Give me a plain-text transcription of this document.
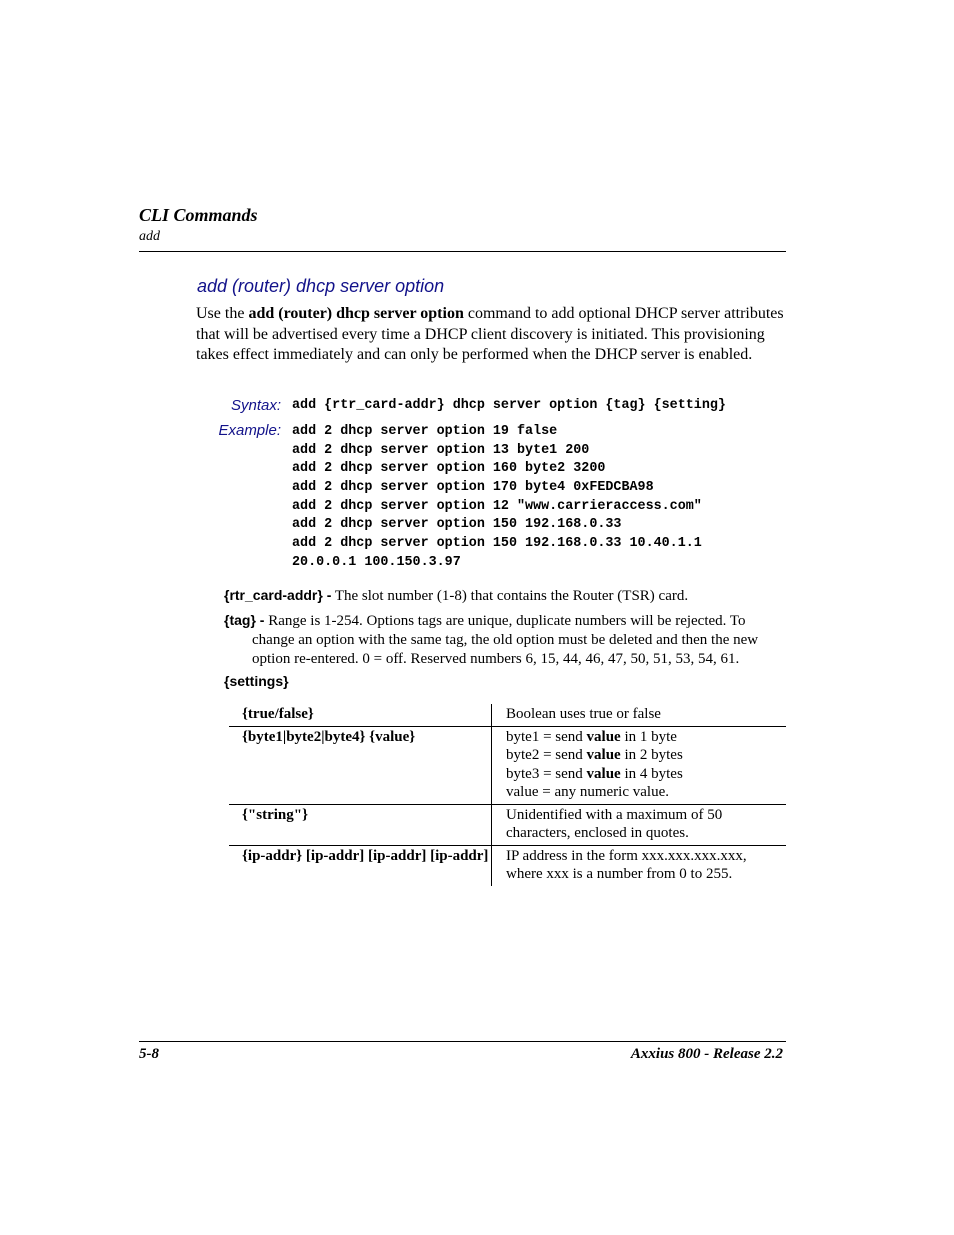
CLI Commands
add
add (router) dhcp server option
Use the add (router) dhcp server option command to add optional DHCP server attributes that will be advertised every time a DHCP client discovery is initiated. This provisioning takes effect immediately and can only be performed when the DHCP server is enabled.
Syntax: add {rtr_card-addr} dhcp server option {tag} {setting}
Example: add 2 dhcp server option 19 false
add 2 dhcp server option 13 byte1 200
add 2 dhcp server option 160 byte2 3200
add 2 dhcp server option 170 byte4 0xFEDCBA98
add 2 dhcp server option 12 "www.carrieraccess.com"
add 2 dhcp server option 150 192.168.0.33
add 2 dhcp server option 150 192.168.0.33 10.40.1.1
20.0.0.1 100.150.3.97
{rtr_card-addr} - The slot number (1-8) that contains the Router (TSR) card.
{tag} - Range is 1-254. Options tags are unique, duplicate numbers will be rejected. To
change an option with the same tag, the old option must be deleted and then the new option re-entered. 0 = off. Reserved numbers 6, 15, 44, 46, 47, 50, 51, 53, 54, 61.
{settings}
{true/false}	Boolean uses true or false

{byte1|byte2|byte4} {value}	byte1 = send value in 1 byte
byte2 = send value in 2 bytes
byte3 = send value in 4 bytes
value = any numeric value.

{"string"}	Unidentified with a maximum of 50
characters, enclosed in quotes.

{ip-addr} [ip-addr] [ip-addr] [ip-addr]	IP address in the form xxx.xxx.xxx.xxx,
where xxx is a number from 0 to 255.
5-8	Axxius 800 - Release 2.2
